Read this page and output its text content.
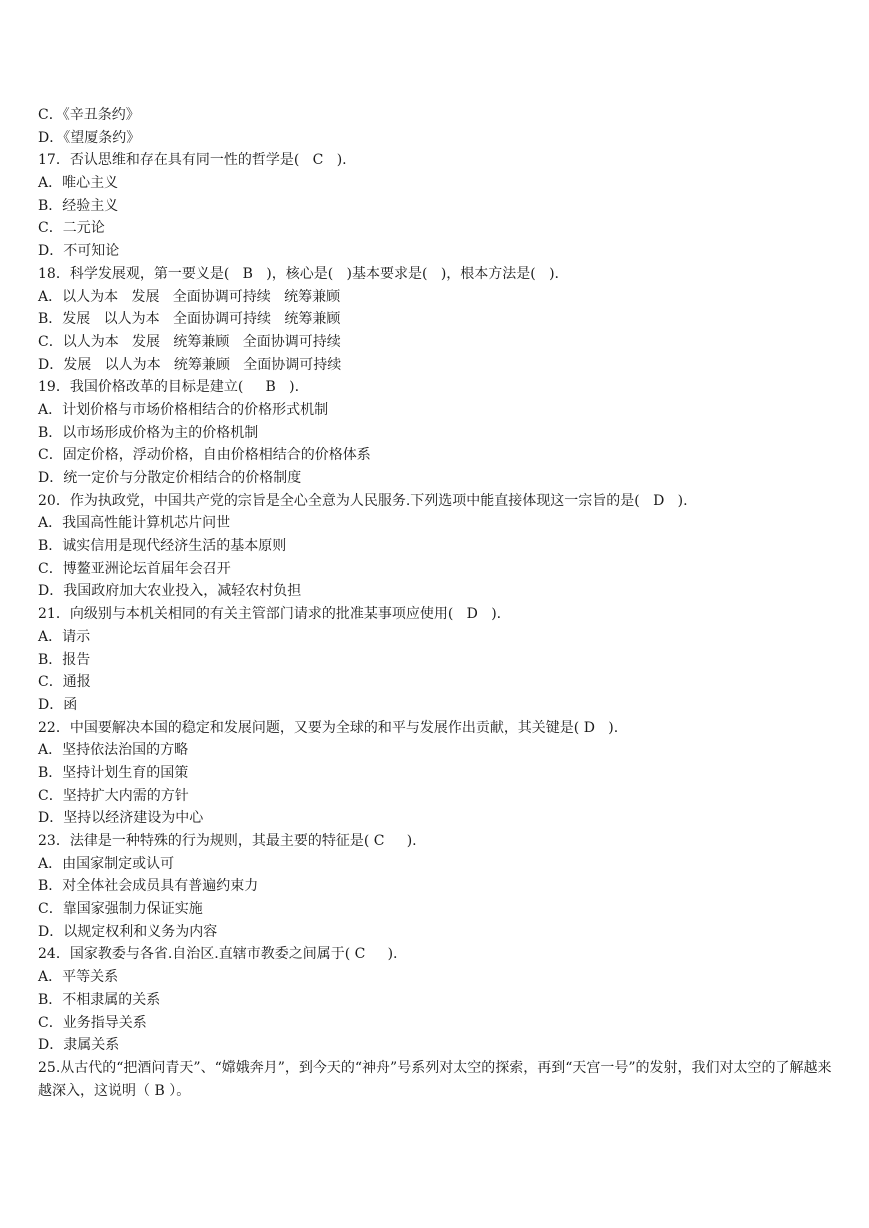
C．《辛丑条约》
D．《望厦条约》
17．否认思维和存在具有同一性的哲学是(   C   ).
A．唯心主义
B．经验主义
C．二元论
D．不可知论
18．科学发展观，第一要义是(   B   )，核心是(   )基本要求是(   )，根本方法是(   ).
A．以人为本   发展   全面协调可持续   统筹兼顾
B．发展   以人为本   全面协调可持续   统筹兼顾
C．以人为本   发展   统筹兼顾   全面协调可持续
D．发展   以人为本   统筹兼顾   全面协调可持续
19．我国价格改革的目标是建立(     B   ).
A．计划价格与市场价格相结合的价格形式机制
B．以市场形成价格为主的价格机制
C．固定价格，浮动价格，自由价格相结合的价格体系
D．统一定价与分散定价相结合的价格制度
20．作为执政党，中国共产党的宗旨是全心全意为人民服务.下列选项中能直接体现这一宗旨的是(   D   ).
A．我国高性能计算机芯片问世
B．诚实信用是现代经济生活的基本原则
C．博鳌亚洲论坛首届年会召开
D．我国政府加大农业投入，减轻农村负担
21．向级别与本机关相同的有关主管部门请求的批准某事项应使用(   D   ).
A．请示
B．报告
C．通报
D．函
22．中国要解决本国的稳定和发展问题，又要为全球的和平与发展作出贡献，其关键是( D   ).
A．坚持依法治国的方略
B．坚持计划生育的国策
C．坚持扩大内需的方针
D．坚持以经济建设为中心
23．法律是一种特殊的行为规则，其最主要的特征是( C     ).
A．由国家制定或认可
B．对全体社会成员具有普遍约束力
C．靠国家强制力保证实施
D．以规定权利和义务为内容
24．国家教委与各省.自治区.直辖市教委之间属于( C     ).
A．平等关系
B．不相隶属的关系
C．业务指导关系
D．隶属关系
25.从古代的“把酒问青天”、“嫦娥奔月”，到今天的“神舟”号系列对太空的探索，再到“天宫一号”的发射，我们对太空的了解越来越深入，这说明（ B ）。
